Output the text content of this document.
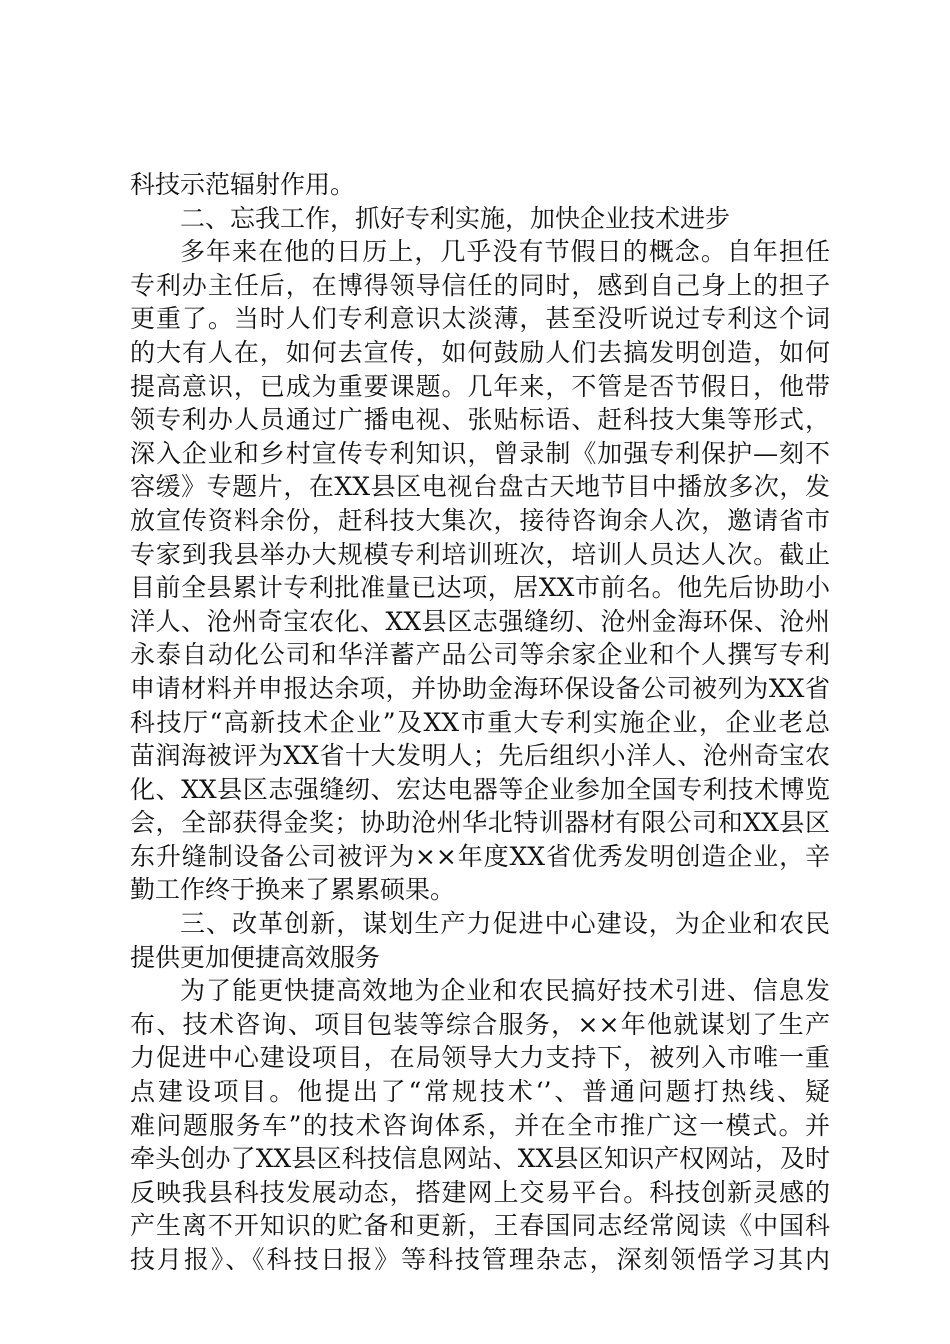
科技示范辐射作用。
二、忘我工作，抓好专利实施，加快企业技术进步
多年来在他的日历上，几乎没有节假日的概念。自年担任
专利办主任后，在博得领导信任的同时，感到自己身上的担子
更重了。当时人们专利意识太淡薄，甚至没听说过专利这个词
的大有人在，如何去宣传，如何鼓励人们去搞发明创造，如何
提高意识，已成为重要课题。几年来，不管是否节假日，他带
领专利办人员通过广播电视、张贴标语、赶科技大集等形式，
深入企业和乡村宣传专利知识，曾录制《加强专利保护—刻不
容缓》专题片，在XX县区电视台盘古天地节目中播放多次，发
放宣传资料余份，赶科技大集次，接待咨询余人次，邀请省市
专家到我县举办大规模专利培训班次，培训人员达人次。截止
目前全县累计专利批准量已达项，居XX市前名。他先后协助小
洋人、沧州奇宝农化、XX县区志强缝纫、沧州金海环保、沧州
永泰自动化公司和华洋蓄产品公司等余家企业和个人撰写专利
申请材料并申报达余项，并协助金海环保设备公司被列为XX省
科技厅“高新技术企业”及XX市重大专利实施企业，企业老总
苗润海被评为XX省十大发明人；先后组织小洋人、沧州奇宝农
化、XX县区志强缝纫、宏达电器等企业参加全国专利技术博览
会，全部获得金奖；协助沧州华北特训器材有限公司和XX县区
东升缝制设备公司被评为××年度XX省优秀发明创造企业，辛
勤工作终于换来了累累硕果。
三、改革创新，谋划生产力促进中心建设，为企业和农民
提供更加便捷高效服务
为了能更快捷高效地为企业和农民搞好技术引进、信息发
布、技术咨询、项目包装等综合服务，××年他就谋划了生产
力促进中心建设项目，在局领导大力支持下，被列入市唯一重
点建设项目。他提出了“常规技术‘’、普通问题打热线、疑
难问题服务车”的技术咨询体系，并在全市推广这一模式。并
牵头创办了XX县区科技信息网站、XX县区知识产权网站，及时
反映我县科技发展动态，搭建网上交易平台。科技创新灵感的
产生离不开知识的贮备和更新，王春国同志经常阅读《中国科
技月报》、《科技日报》等科技管理杂志，深刻领悟学习其内
